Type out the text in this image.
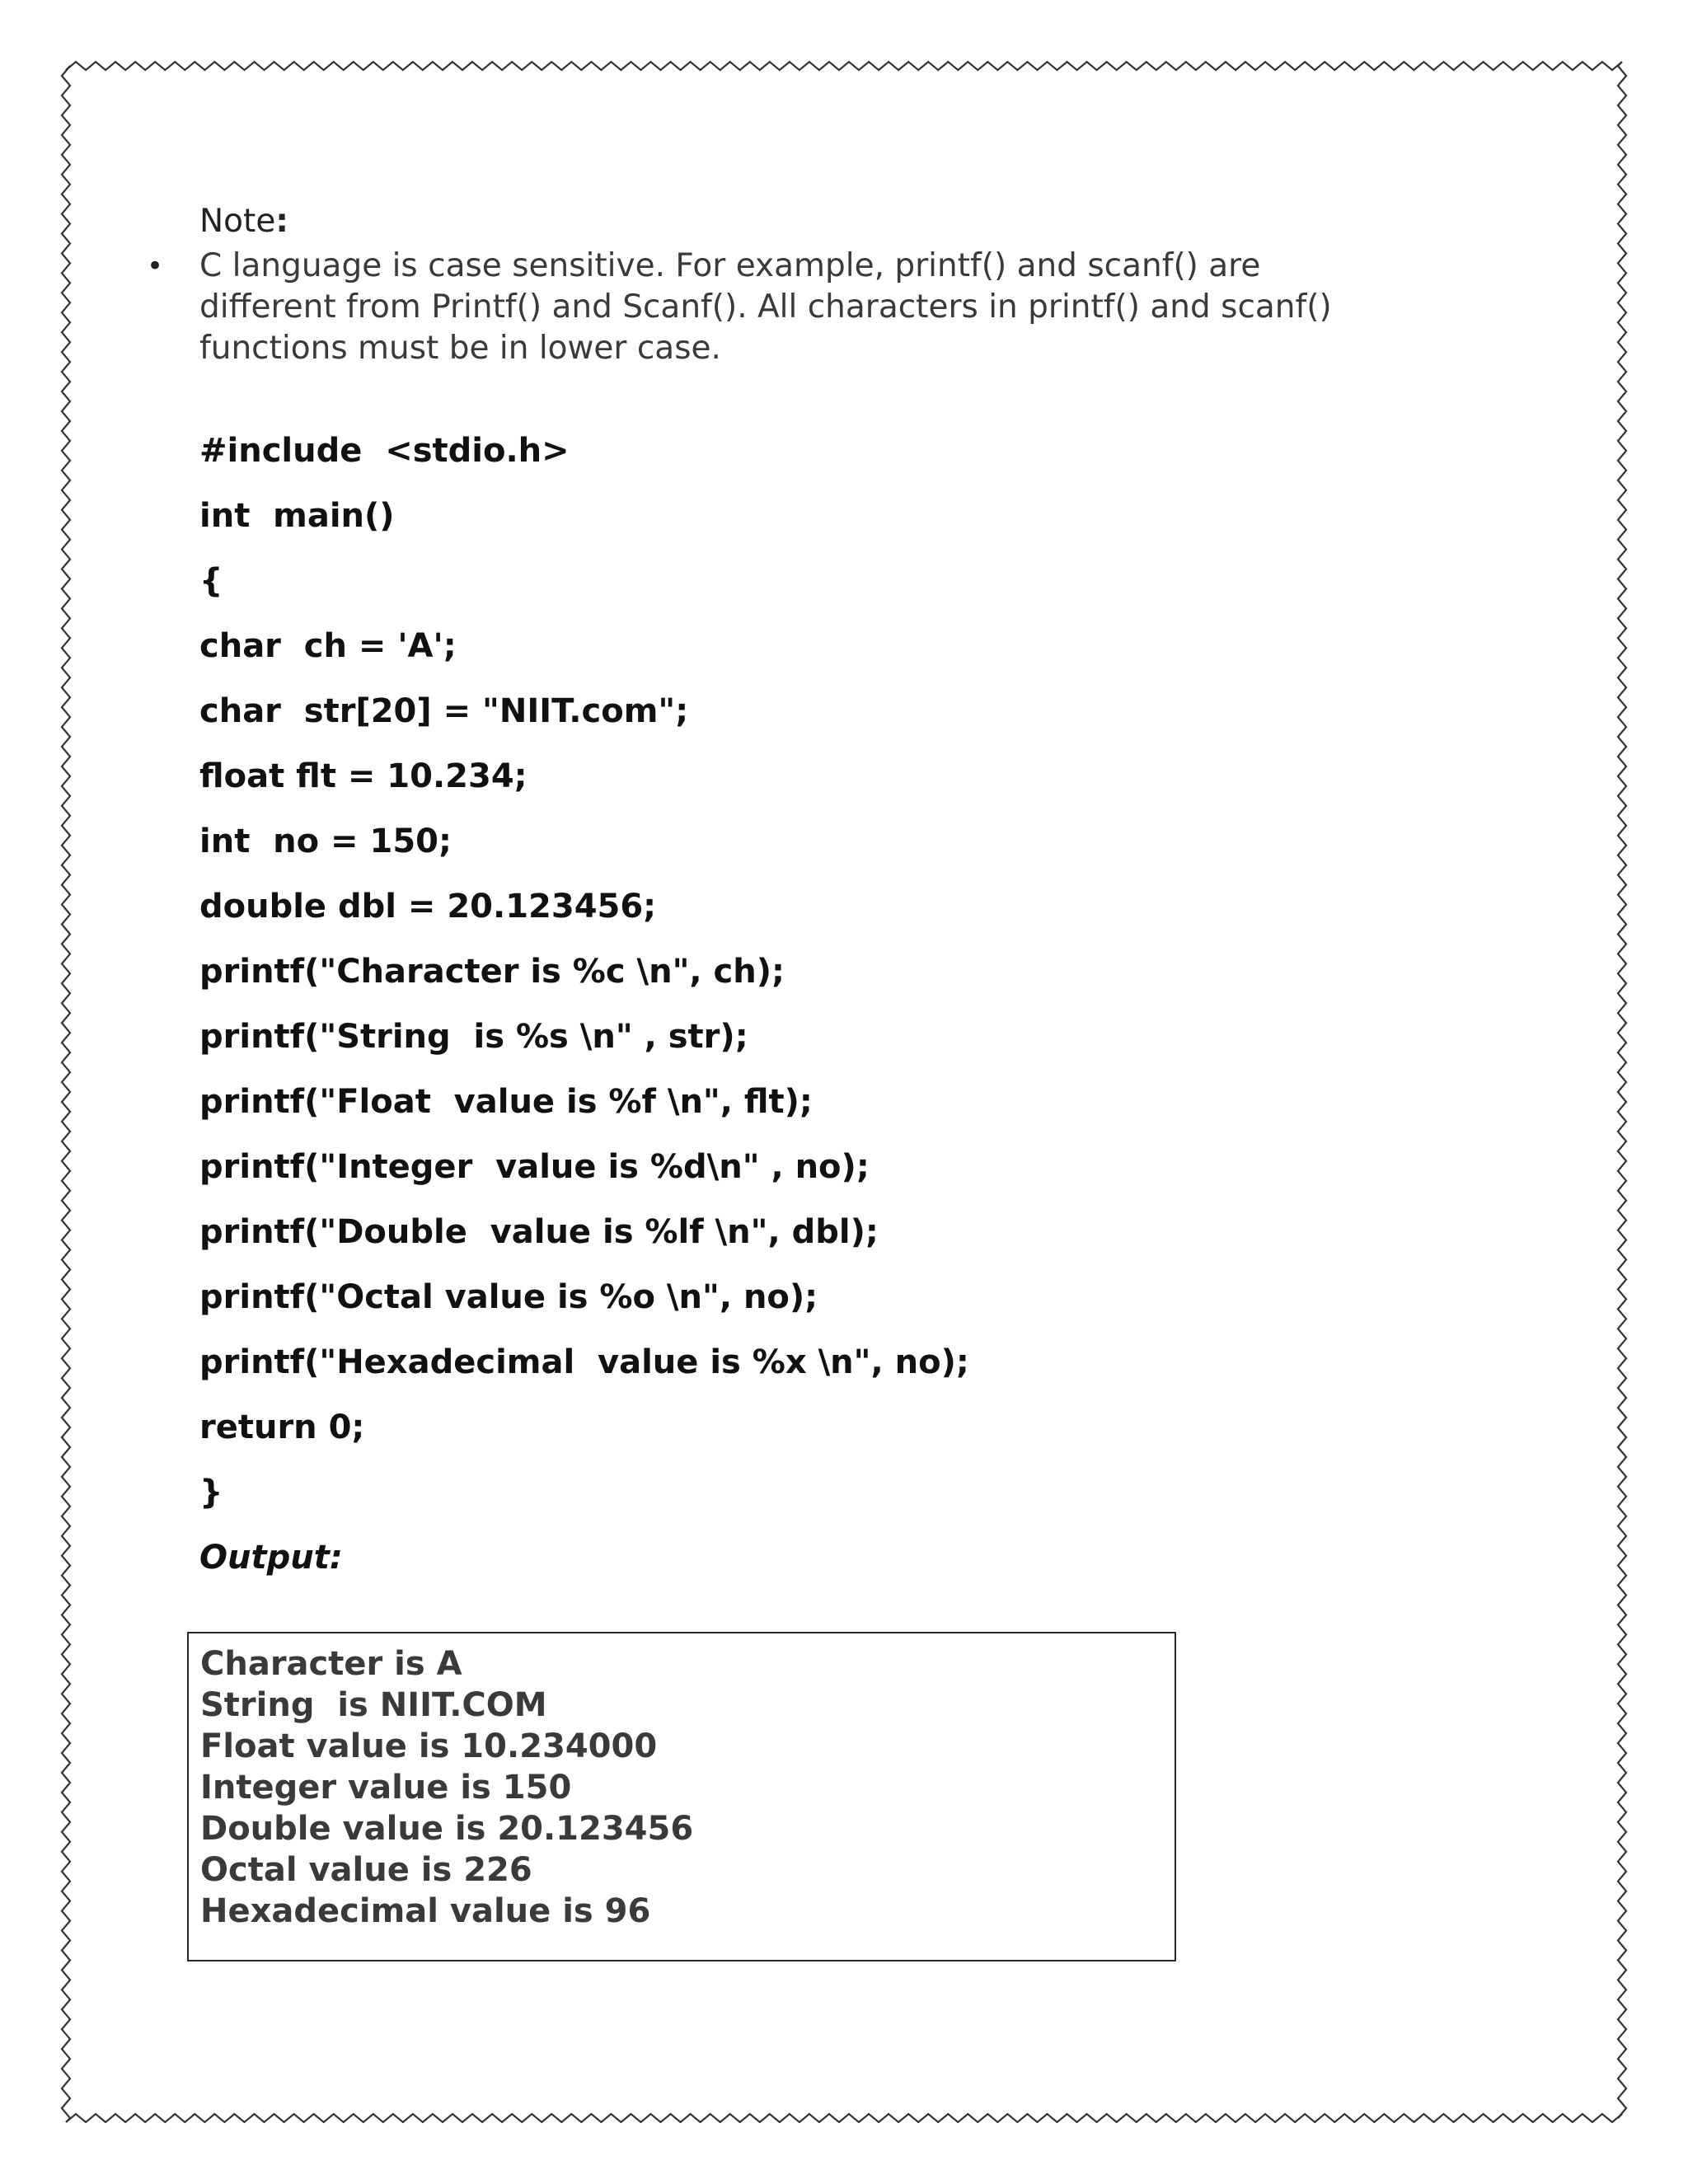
Note:

• C language is case sensitive. For example, printf() and scanf() are different from Printf() and Scanf(). All characters in printf() and scanf() functions must be in lower case.

#include  <stdio.h>

int  main()

{

char  ch = 'A';

char  str[20] = "NIIT.com";

float flt = 10.234;

int  no = 150;

double dbl = 20.123456;

printf("Character is %c \n", ch);

printf("String  is %s \n" , str);

printf("Float  value is %f \n", flt);

printf("Integer  value is %d\n" , no);

printf("Double  value is %lf \n", dbl);

printf("Octal value is %o \n", no);

printf("Hexadecimal  value is %x \n", no);

return 0;

}

Output:

Character is A

String  is NIIT.COM

Float value is 10.234000

Integer value is 150

Double value is 20.123456

Octal value is 226

Hexadecimal value is 96
